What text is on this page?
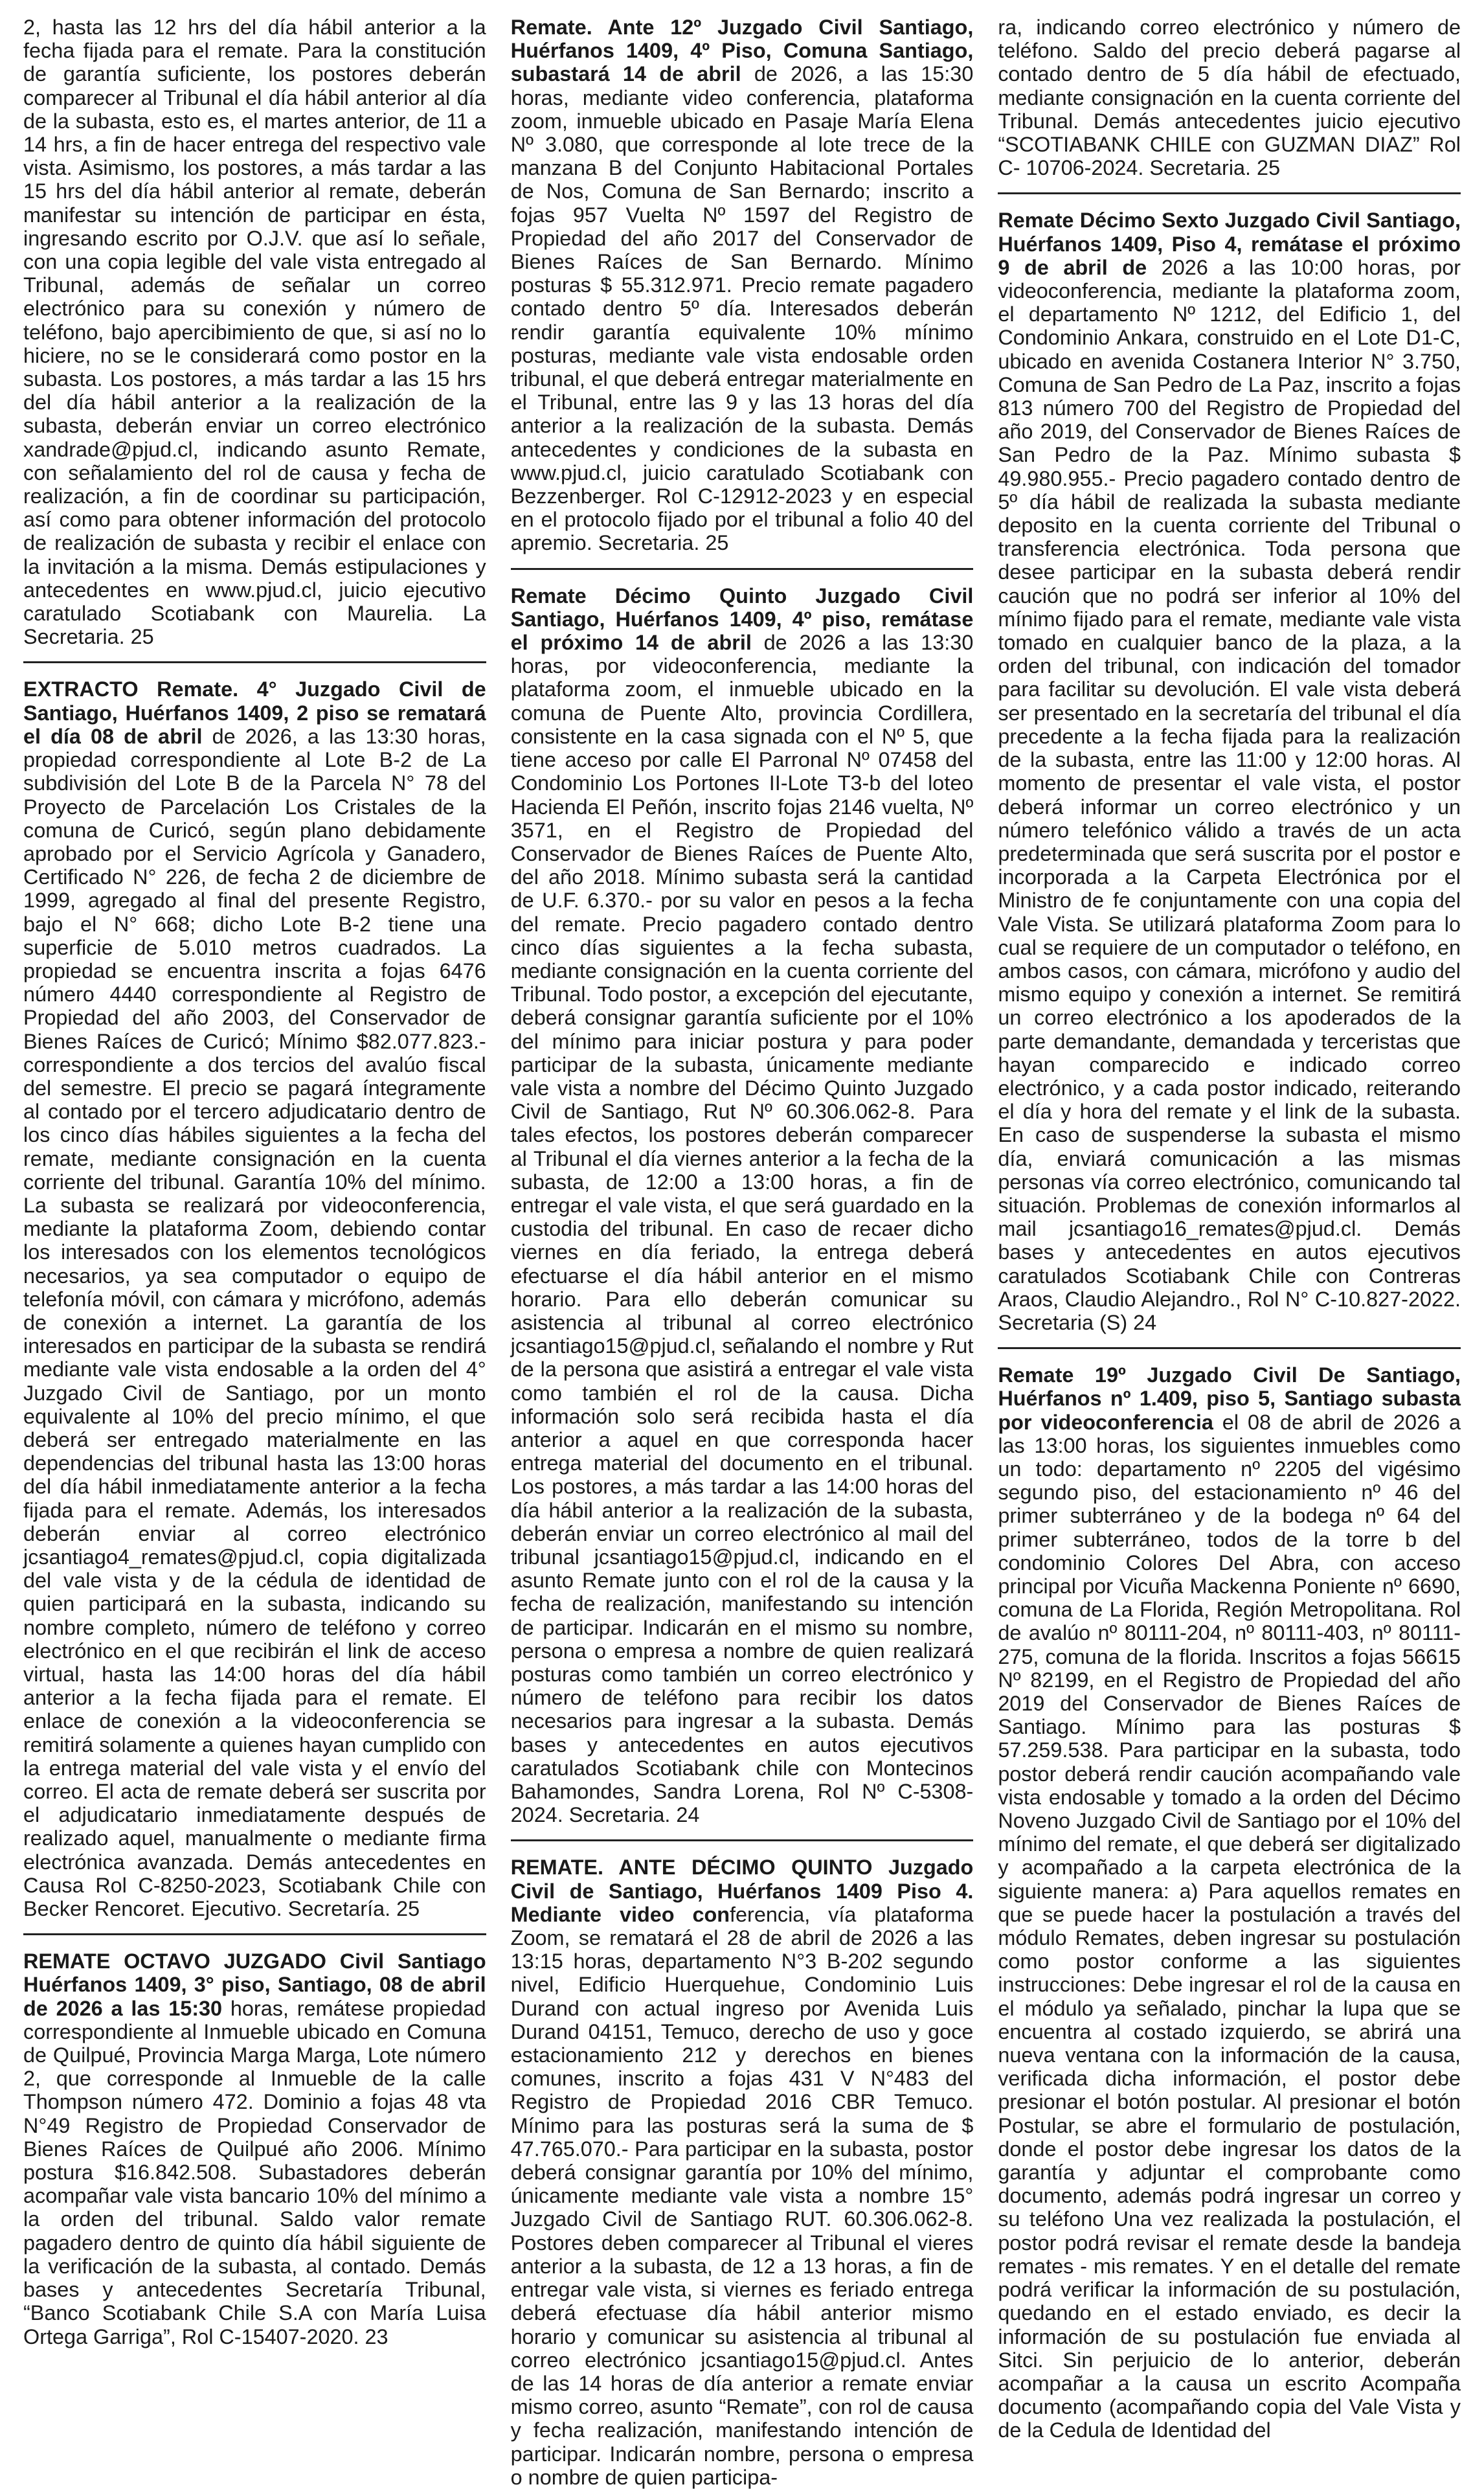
2, hasta las 12 hrs del día hábil anterior a la fecha fijada para el remate. Para la constitución de garantía suficiente, los postores deberán comparecer al Tribunal el día hábil anterior al día de la subasta, esto es, el martes anterior, de 11 a 14 hrs, a fin de hacer entrega del respectivo vale vista. Asimismo, los postores, a más tardar a las 15 hrs del día hábil anterior al remate, deberán manifestar su intención de participar en ésta, ingresando escrito por O.J.V. que así lo señale, con una copia legible del vale vista entregado al Tribunal, además de señalar un correo electrónico para su conexión y número de teléfono, bajo apercibimiento de que, si así no lo hiciere, no se le considerará como postor en la subasta. Los postores, a más tardar a las 15 hrs del día hábil anterior a la realización de la subasta, deberán enviar un correo electrónico xandrade@pjud.cl, indicando asunto Remate, con señalamiento del rol de causa y fecha de realización, a fin de coordinar su participación, así como para obtener información del protocolo de realización de subasta y recibir el enlace con la invitación a la misma. Demás estipulaciones y antecedentes en www.pjud.cl, juicio ejecutivo caratulado Scotiabank con Maurelia. La Secretaria. 25

EXTRACTO Remate. 4° Juzgado Civil de Santiago, Huérfanos 1409, 2 piso se rematará el día 08 de abril de 2026, a las 13:30 horas, propiedad correspondiente al Lote B-2 de La subdivisión del Lote B de la Parcela N° 78 del Proyecto de Parcelación Los Cristales de la comuna de Curicó, según plano debidamente aprobado por el Servicio Agrícola y Ganadero, Certificado N° 226, de fecha 2 de diciembre de 1999, agregado al final del presente Registro, bajo el N° 668; dicho Lote B-2 tiene una superficie de 5.010 metros cuadrados. La propiedad se encuentra inscrita a fojas 6476 número 4440 correspondiente al Registro de Propiedad del año 2003, del Conservador de Bienes Raíces de Curicó; Mínimo $82.077.823.- correspondiente a dos tercios del avalúo fiscal del semestre. El precio se pagará íntegramente al contado por el tercero adjudicatario dentro de los cinco días hábiles siguientes a la fecha del remate, mediante consignación en la cuenta corriente del tribunal. Garantía 10% del mínimo. La subasta se realizará por videoconferencia, mediante la plataforma Zoom, debiendo contar los interesados con los elementos tecnológicos necesarios, ya sea computador o equipo de telefonía móvil, con cámara y micrófono, además de conexión a internet. La garantía de los interesados en participar de la subasta se rendirá mediante vale vista endosable a la orden del 4° Juzgado Civil de Santiago, por un monto equivalente al 10% del precio mínimo, el que deberá ser entregado materialmente en las dependencias del tribunal hasta las 13:00 horas del día hábil inmediatamente anterior a la fecha fijada para el remate. Además, los interesados deberán enviar al correo electrónico jcsantiago4_remates@pjud.cl, copia digitalizada del vale vista y de la cédula de identidad de quien participará en la subasta, indicando su nombre completo, número de teléfono y correo electrónico en el que recibirán el link de acceso virtual, hasta las 14:00 horas del día hábil anterior a la fecha fijada para el remate. El enlace de conexión a la videoconferencia se remitirá solamente a quienes hayan cumplido con la entrega material del vale vista y el envío del correo. El acta de remate deberá ser suscrita por el adjudicatario inmediatamente después de realizado aquel, manualmente o mediante firma electrónica avanzada. Demás antecedentes en Causa Rol C-8250-2023, Scotiabank Chile con Becker Rencoret. Ejecutivo. Secretaría. 25

REMATE OCTAVO JUZGADO Civil Santiago Huérfanos 1409, 3° piso, Santiago, 08 de abril de 2026 a las 15:30 horas, remátese propiedad correspondiente al Inmueble ubicado en Comuna de Quilpué, Provincia Marga Marga, Lote número 2, que corresponde al Inmueble de la calle Thompson número 472. Dominio a fojas 48 vta N°49 Registro de Propiedad Conservador de Bienes Raíces de Quilpué año 2006. Mínimo postura $16.842.508. Subastadores deberán acompañar vale vista bancario 10% del mínimo a la orden del tribunal. Saldo valor remate pagadero dentro de quinto día hábil siguiente de la verificación de la subasta, al contado. Demás bases y antecedentes Secretaría Tribunal, “Banco Scotiabank Chile S.A con María Luisa Ortega Garriga”, Rol C-15407-2020. 23

Remate. Ante 12º Juzgado Civil Santiago, Huérfanos 1409, 4º Piso, Comuna Santiago, subastará 14 de abril de 2026, a las 15:30 horas, mediante video conferencia, plataforma zoom, inmueble ubicado en Pasaje María Elena Nº 3.080, que corresponde al lote trece de la manzana B del Conjunto Habitacional Portales de Nos, Comuna de San Bernardo; inscrito a fojas 957 Vuelta Nº 1597 del Registro de Propiedad del año 2017 del Conservador de Bienes Raíces de San Bernardo. Mínimo posturas $ 55.312.971. Precio remate pagadero contado dentro 5º día. Interesados deberán rendir garantía equivalente 10% mínimo posturas, mediante vale vista endosable orden tribunal, el que deberá entregar materialmente en el Tribunal, entre las 9 y las 13 horas del día anterior a la realización de la subasta. Demás antecedentes y condiciones de la subasta en www.pjud.cl, juicio caratulado Scotiabank con Bezzenberger. Rol C-12912-2023 y en especial en el protocolo fijado por el tribunal a folio 40 del apremio. Secretaria. 25

Remate Décimo Quinto Juzgado Civil Santiago, Huérfanos 1409, 4º piso, remátase el próximo 14 de abril de 2026 a las 13:30 horas, por videoconferencia, mediante la plataforma zoom, el inmueble ubicado en la comuna de Puente Alto, provincia Cordillera, consistente en la casa signada con el Nº 5, que tiene acceso por calle El Parronal Nº 07458 del Condominio Los Portones II-Lote T3-b del loteo Hacienda El Peñón, inscrito fojas 2146 vuelta, Nº 3571, en el Registro de Propiedad del Conservador de Bienes Raíces de Puente Alto, del año 2018. Mínimo subasta será la cantidad de U.F. 6.370.- por su valor en pesos a la fecha del remate. Precio pagadero contado dentro cinco días siguientes a la fecha subasta, mediante consignación en la cuenta corriente del Tribunal. Todo postor, a excepción del ejecutante, deberá consignar garantía suficiente por el 10% del mínimo para iniciar postura y para poder participar de la subasta, únicamente mediante vale vista a nombre del Décimo Quinto Juzgado Civil de Santiago, Rut Nº 60.306.062-8. Para tales efectos, los postores deberán comparecer al Tribunal el día viernes anterior a la fecha de la subasta, de 12:00 a 13:00 horas, a fin de entregar el vale vista, el que será guardado en la custodia del tribunal. En caso de recaer dicho viernes en día feriado, la entrega deberá efectuarse el día hábil anterior en el mismo horario. Para ello deberán comunicar su asistencia al tribunal al correo electrónico jcsantiago15@pjud.cl, señalando el nombre y Rut de la persona que asistirá a entregar el vale vista como también el rol de la causa. Dicha información solo será recibida hasta el día anterior a aquel en que corresponda hacer entrega material del documento en el tribunal. Los postores, a más tardar a las 14:00 horas del día hábil anterior a la realización de la subasta, deberán enviar un correo electrónico al mail del tribunal jcsantiago15@pjud.cl, indicando en el asunto Remate junto con el rol de la causa y la fecha de realización, manifestando su intención de participar. Indicarán en el mismo su nombre, persona o empresa a nombre de quien realizará posturas como también un correo electrónico y número de teléfono para recibir los datos necesarios para ingresar a la subasta. Demás bases y antecedentes en autos ejecutivos caratulados Scotiabank chile con Montecinos Bahamondes, Sandra Lorena, Rol Nº C-5308-2024. Secretaria. 24

REMATE. ANTE DÉCIMO QUINTO Juzgado Civil de Santiago, Huérfanos 1409 Piso 4. Mediante video conferencia, vía plataforma Zoom, se rematará el 28 de abril de 2026 a las 13:15 horas, departamento N°3 B-202 segundo nivel, Edificio Huerquehue, Condominio Luis Durand con actual ingreso por Avenida Luis Durand 04151, Temuco, derecho de uso y goce estacionamiento 212 y derechos en bienes comunes, inscrito a fojas 431 V N°483 del Registro de Propiedad 2016 CBR Temuco. Mínimo para las posturas será la suma de $ 47.765.070.- Para participar en la subasta, postor deberá consignar garantía por 10% del mínimo, únicamente mediante vale vista a nombre 15° Juzgado Civil de Santiago RUT. 60.306.062-8. Postores deben comparecer al Tribunal el vieres anterior a la subasta, de 12 a 13 horas, a fin de entregar vale vista, si viernes es feriado entrega deberá efectuase día hábil anterior mismo horario y comunicar su asistencia al tribunal al correo electrónico jcsantiago15@pjud.cl. Antes de las 14 horas de día anterior a remate enviar mismo correo, asunto “Remate”, con rol de causa y fecha realización, manifestando intención de participar. Indicarán nombre, persona o empresa o nombre de quien participa-

ra, indicando correo electrónico y número de teléfono. Saldo del precio deberá pagarse al contado dentro de 5 día hábil de efectuado, mediante consignación en la cuenta corriente del Tribunal. Demás antecedentes juicio ejecutivo “SCOTIABANK CHILE con GUZMAN DIAZ” Rol C- 10706-2024. Secretaria. 25

Remate Décimo Sexto Juzgado Civil Santiago, Huérfanos 1409, Piso 4, remátase el próximo 9 de abril de 2026 a las 10:00 horas, por videoconferencia, mediante la plataforma zoom, el departamento Nº 1212, del Edificio 1, del Condominio Ankara, construido en el Lote D1-C, ubicado en avenida Costanera Interior N° 3.750, Comuna de San Pedro de La Paz, inscrito a fojas 813 número 700 del Registro de Propiedad del año 2019, del Conservador de Bienes Raíces de San Pedro de la Paz. Mínimo subasta $ 49.980.955.- Precio pagadero contado dentro de 5º día hábil de realizada la subasta mediante deposito en la cuenta corriente del Tribunal o transferencia electrónica. Toda persona que desee participar en la subasta deberá rendir caución que no podrá ser inferior al 10% del mínimo fijado para el remate, mediante vale vista tomado en cualquier banco de la plaza, a la orden del tribunal, con indicación del tomador para facilitar su devolución. El vale vista deberá ser presentado en la secretaría del tribunal el día precedente a la fecha fijada para la realización de la subasta, entre las 11:00 y 12:00 horas. Al momento de presentar el vale vista, el postor deberá informar un correo electrónico y un número telefónico válido a través de un acta predeterminada que será suscrita por el postor e incorporada a la Carpeta Electrónica por el Ministro de fe conjuntamente con una copia del Vale Vista. Se utilizará plataforma Zoom para lo cual se requiere de un computador o teléfono, en ambos casos, con cámara, micrófono y audio del mismo equipo y conexión a internet. Se remitirá un correo electrónico a los apoderados de la parte demandante, demandada y terceristas que hayan comparecido e indicado correo electrónico, y a cada postor indicado, reiterando el día y hora del remate y el link de la subasta. En caso de suspenderse la subasta el mismo día, enviará comunicación a las mismas personas vía correo electrónico, comunicando tal situación. Problemas de conexión informarlos al mail jcsantiago16_remates@pjud.cl. Demás bases y antecedentes en autos ejecutivos caratulados Scotiabank Chile con Contreras Araos, Claudio Alejandro., Rol N° C-10.827-2022. Secretaria (S) 24

Remate 19º Juzgado Civil De Santiago, Huérfanos nº 1.409, piso 5, Santiago subasta por videoconferencia el 08 de abril de 2026 a las 13:00 horas, los siguientes inmuebles como un todo: departamento nº 2205 del vigésimo segundo piso, del estacionamiento nº 46 del primer subterráneo y de la bodega nº 64 del primer subterráneo, todos de la torre b del condominio Colores Del Abra, con acceso principal por Vicuña Mackenna Poniente nº 6690, comuna de La Florida, Región Metropolitana. Rol de avalúo nº 80111-204, nº 80111-403, nº 80111-275, comuna de la florida. Inscritos a fojas 56615 Nº 82199, en el Registro de Propiedad del año 2019 del Conservador de Bienes Raíces de Santiago. Mínimo para las posturas $ 57.259.538. Para participar en la subasta, todo postor deberá rendir caución acompañando vale vista endosable y tomado a la orden del Décimo Noveno Juzgado Civil de Santiago por el 10% del mínimo del remate, el que deberá ser digitalizado y acompañado a la carpeta electrónica de la siguiente manera: a) Para aquellos remates en que se puede hacer la postulación a través del módulo Remates, deben ingresar su postulación como postor conforme a las siguientes instrucciones: Debe ingresar el rol de la causa en el módulo ya señalado, pinchar la lupa que se encuentra al costado izquierdo, se abrirá una nueva ventana con la información de la causa, verificada dicha información, el postor debe presionar el botón postular. Al presionar el botón Postular, se abre el formulario de postulación, donde el postor debe ingresar los datos de la garantía y adjuntar el comprobante como documento, además podrá ingresar un correo y su teléfono Una vez realizada la postulación, el postor podrá revisar el remate desde la bandeja remates - mis remates. Y en el detalle del remate podrá verificar la información de su postulación, quedando en el estado enviado, es decir la información de su postulación fue enviada al Sitci. Sin perjuicio de lo anterior, deberán acompañar a la causa un escrito Acompaña documento (acompañando copia del Vale Vista y de la Cedula de Identidad del
